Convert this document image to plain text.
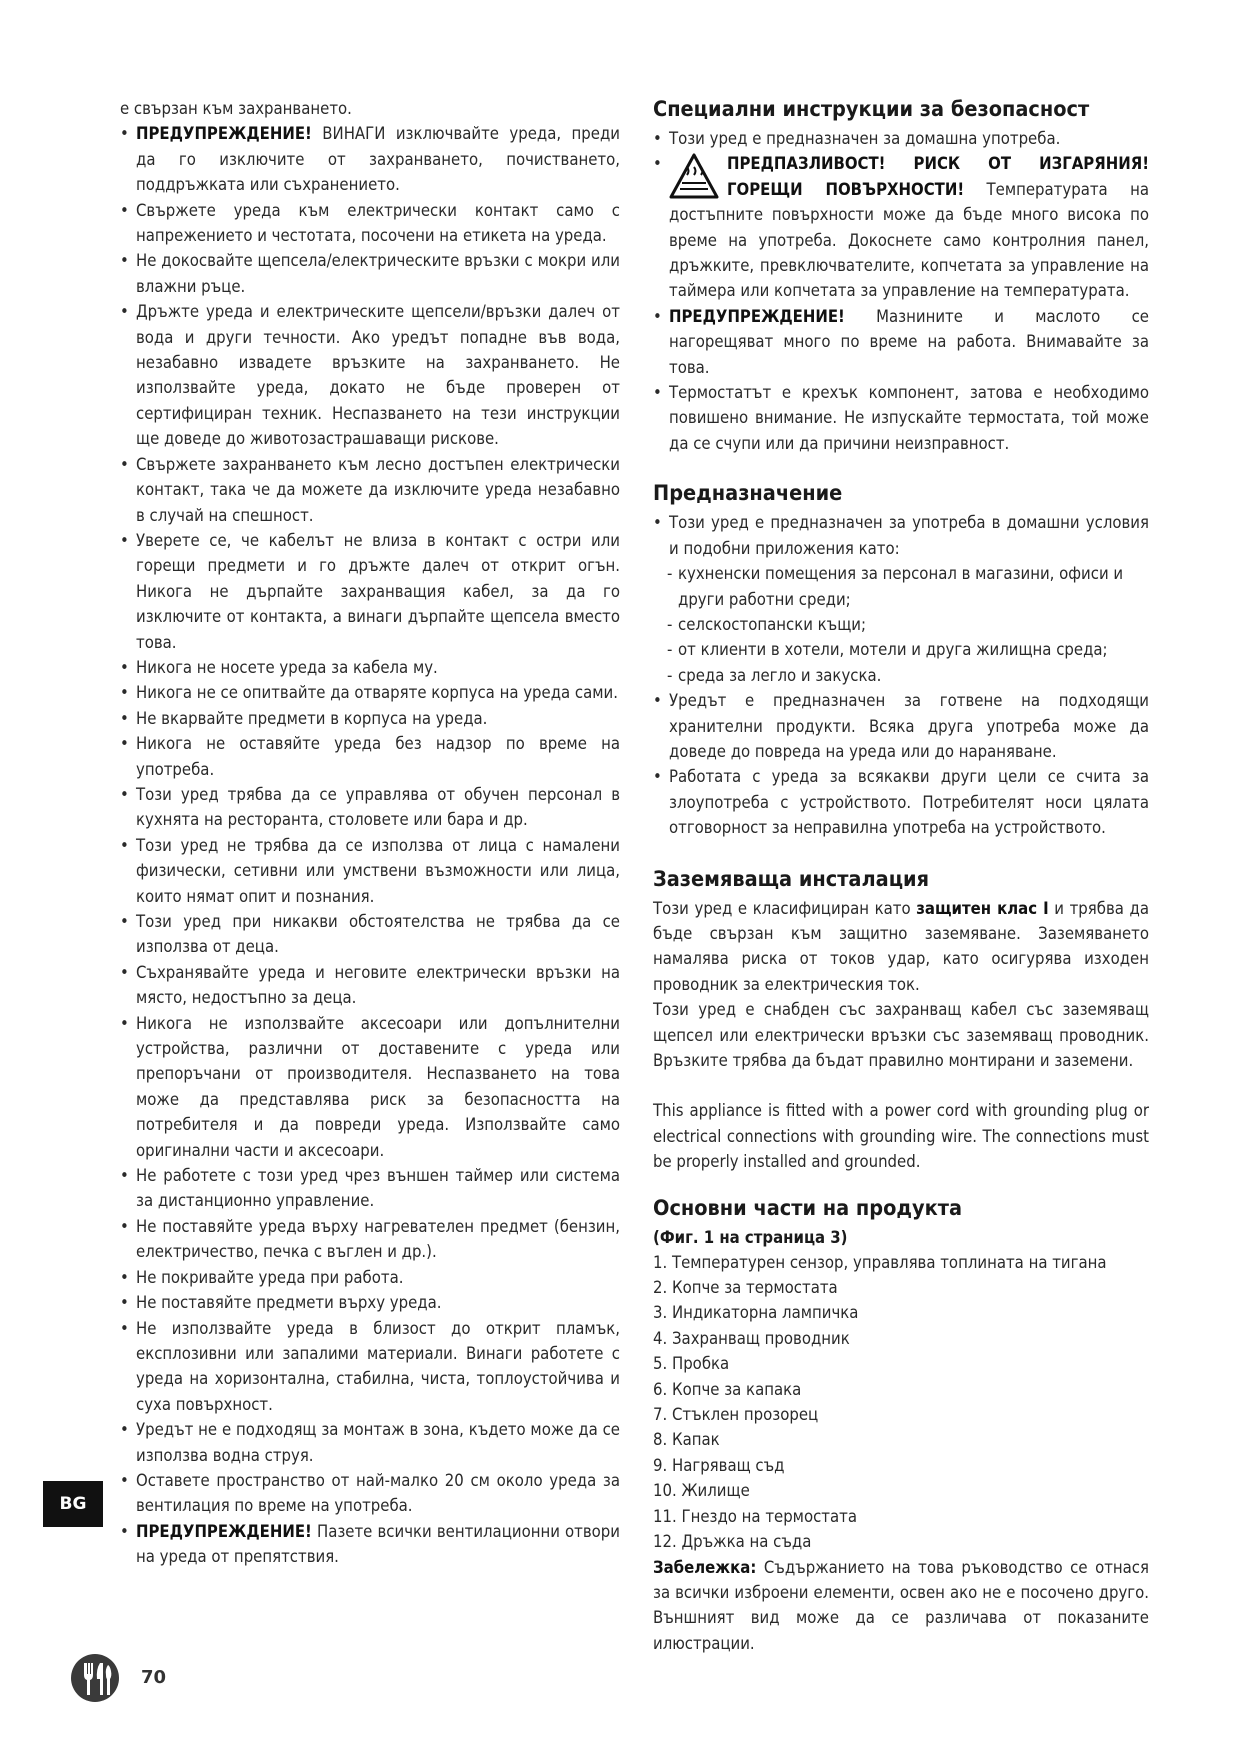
е свързан към захранването.
• ПРЕДУПРЕЖДЕНИЕ! ВИНАГИ изключвайте уреда, преди да го изключите от захранването, почистването, поддръжката или съхранението.
• Свържете уреда към електрически контакт само с напрежението и честотата, посочени на етикета на уреда.
• Не докосвайте щепсела/електрическите връзки с мокри или влажни ръце.
• Дръжте уреда и електрическите щепсели/връзки далеч от вода и други течности. Ако уредът попадне във вода, незабавно извадете връзките на захранването. Не използвайте уреда, докато не бъде проверен от сертифициран техник. Неспазването на тези инструкции ще доведе до животозастрашаващи рискове.
• Свържете захранването към лесно достъпен електрически контакт, така че да можете да изключите уреда незабавно в случай на спешност.
• Уверете се, че кабелът не влиза в контакт с остри или горещи предмети и го дръжте далеч от открит огън. Никога не дърпайте захранващия кабел, за да го изключите от контакта, а винаги дърпайте щепсела вместо това.
• Никога не носете уреда за кабела му.
• Никога не се опитвайте да отваряте корпуса на уреда сами.
• Не вкарвайте предмети в корпуса на уреда.
• Никога не оставяйте уреда без надзор по време на употреба.
• Този уред трябва да се управлява от обучен персонал в кухнята на ресторанта, столовете или бара и др.
• Този уред не трябва да се използва от лица с намалени физически, сетивни или умствени възможности или лица, които нямат опит и познания.
• Този уред при никакви обстоятелства не трябва да се използва от деца.
• Съхранявайте уреда и неговите електрически връзки на място, недостъпно за деца.
• Никога не използвайте аксесоари или допълнителни устройства, различни от доставените с уреда или препоръчани от производителя. Неспазването на това може да представлява риск за безопасността на потребителя и да повреди уреда. Използвайте само оригинални части и аксесоари.
• Не работете с този уред чрез външен таймер или система за дистанционно управление.
• Не поставяйте уреда върху нагревателен предмет (бензин, електричество, печка с въглен и др.).
• Не покривайте уреда при работа.
• Не поставяйте предмети върху уреда.
• Не използвайте уреда в близост до открит пламък, експлозивни или запалими материали. Винаги работете с уреда на хоризонтална, стабилна, чиста, топлоустойчива и суха повърхност.
• Уредът не е подходящ за монтаж в зона, където може да се използва водна струя.
• Оставете пространство от най-малко 20 см около уреда за вентилация по време на употреба.
• ПРЕДУПРЕЖДЕНИЕ! Пазете всички вентилационни отвори на уреда от препятствия.
Специални инструкции за безопасност
• Този уред е предназначен за домашна употреба.

• ПРЕДПАЗЛИВОСТ! РИСК ОТ ИЗГАРЯНИЯ! ГОРЕЩИ ПОВЪРХНОСТИ! Температурата на достъпните повърхности може да бъде много висока по време на употреба. Докоснете само контролния панел, дръжките, превключвателите, копчетата за управление на таймера или копчетата за управление на температурата.

• ПРЕДУПРЕЖДЕНИЕ! Мазнините и маслото се нагорещяват много по време на работа. Внимавайте за това.
• Термостатът е крехък компонент, затова е необходимо повишено внимание. Не изпускайте термостата, той може да се счупи или да причини неизправност.
Предназначение
• Този уред е предназначен за употреба в домашни условия и подобни приложения като:
- кухненски помещения за персонал в магазини, офиси и други работни среди;
- селскостопански къщи;
- от клиенти в хотели, мотели и друга жилищна среда;
- среда за легло и закуска.
• Уредът е предназначен за готвене на подходящи хранителни продукти. Всяка друга употреба може да доведе до повреда на уреда или до нараняване.
• Работата с уреда за всякакви други цели се счита за злоупотреба с устройството. Потребителят носи цялата отговорност за неправилна употреба на устройството.
Заземяваща инсталация

Този уред е класифициран като защитен клас I и трябва да бъде свързан към защитно заземяване. Заземяването намалява риска от токов удар, като осигурява изходен проводник за електрическия ток.

Този уред е снабден със захранващ кабел със заземяващ щепсел или електрически връзки със заземяващ проводник. Връзките трябва да бъдат правилно монтирани и заземени.

This appliance is fitted with a power cord with grounding plug or electrical connections with grounding wire. The connections must be properly installed and grounded.

Основни части на продукта
(Фиг. 1 на страница 3)
1. Температурен сензор, управлява топлината на тигана
2. Копче за термостата
3. Индикаторна лампичка
4. Захранващ проводник
5. Пробка
6. Копче за капака
7. Стъклен прозорец
8. Капак
9. Нагряващ съд
10. Жилище
11. Гнездо на термостата
12. Дръжка на съда

Забележка: Съдържанието на това ръководство се отнася за всички изброени елементи, освен ако не е посочено друго. Външният вид може да се различава от показаните илюстрации.

BG
70
